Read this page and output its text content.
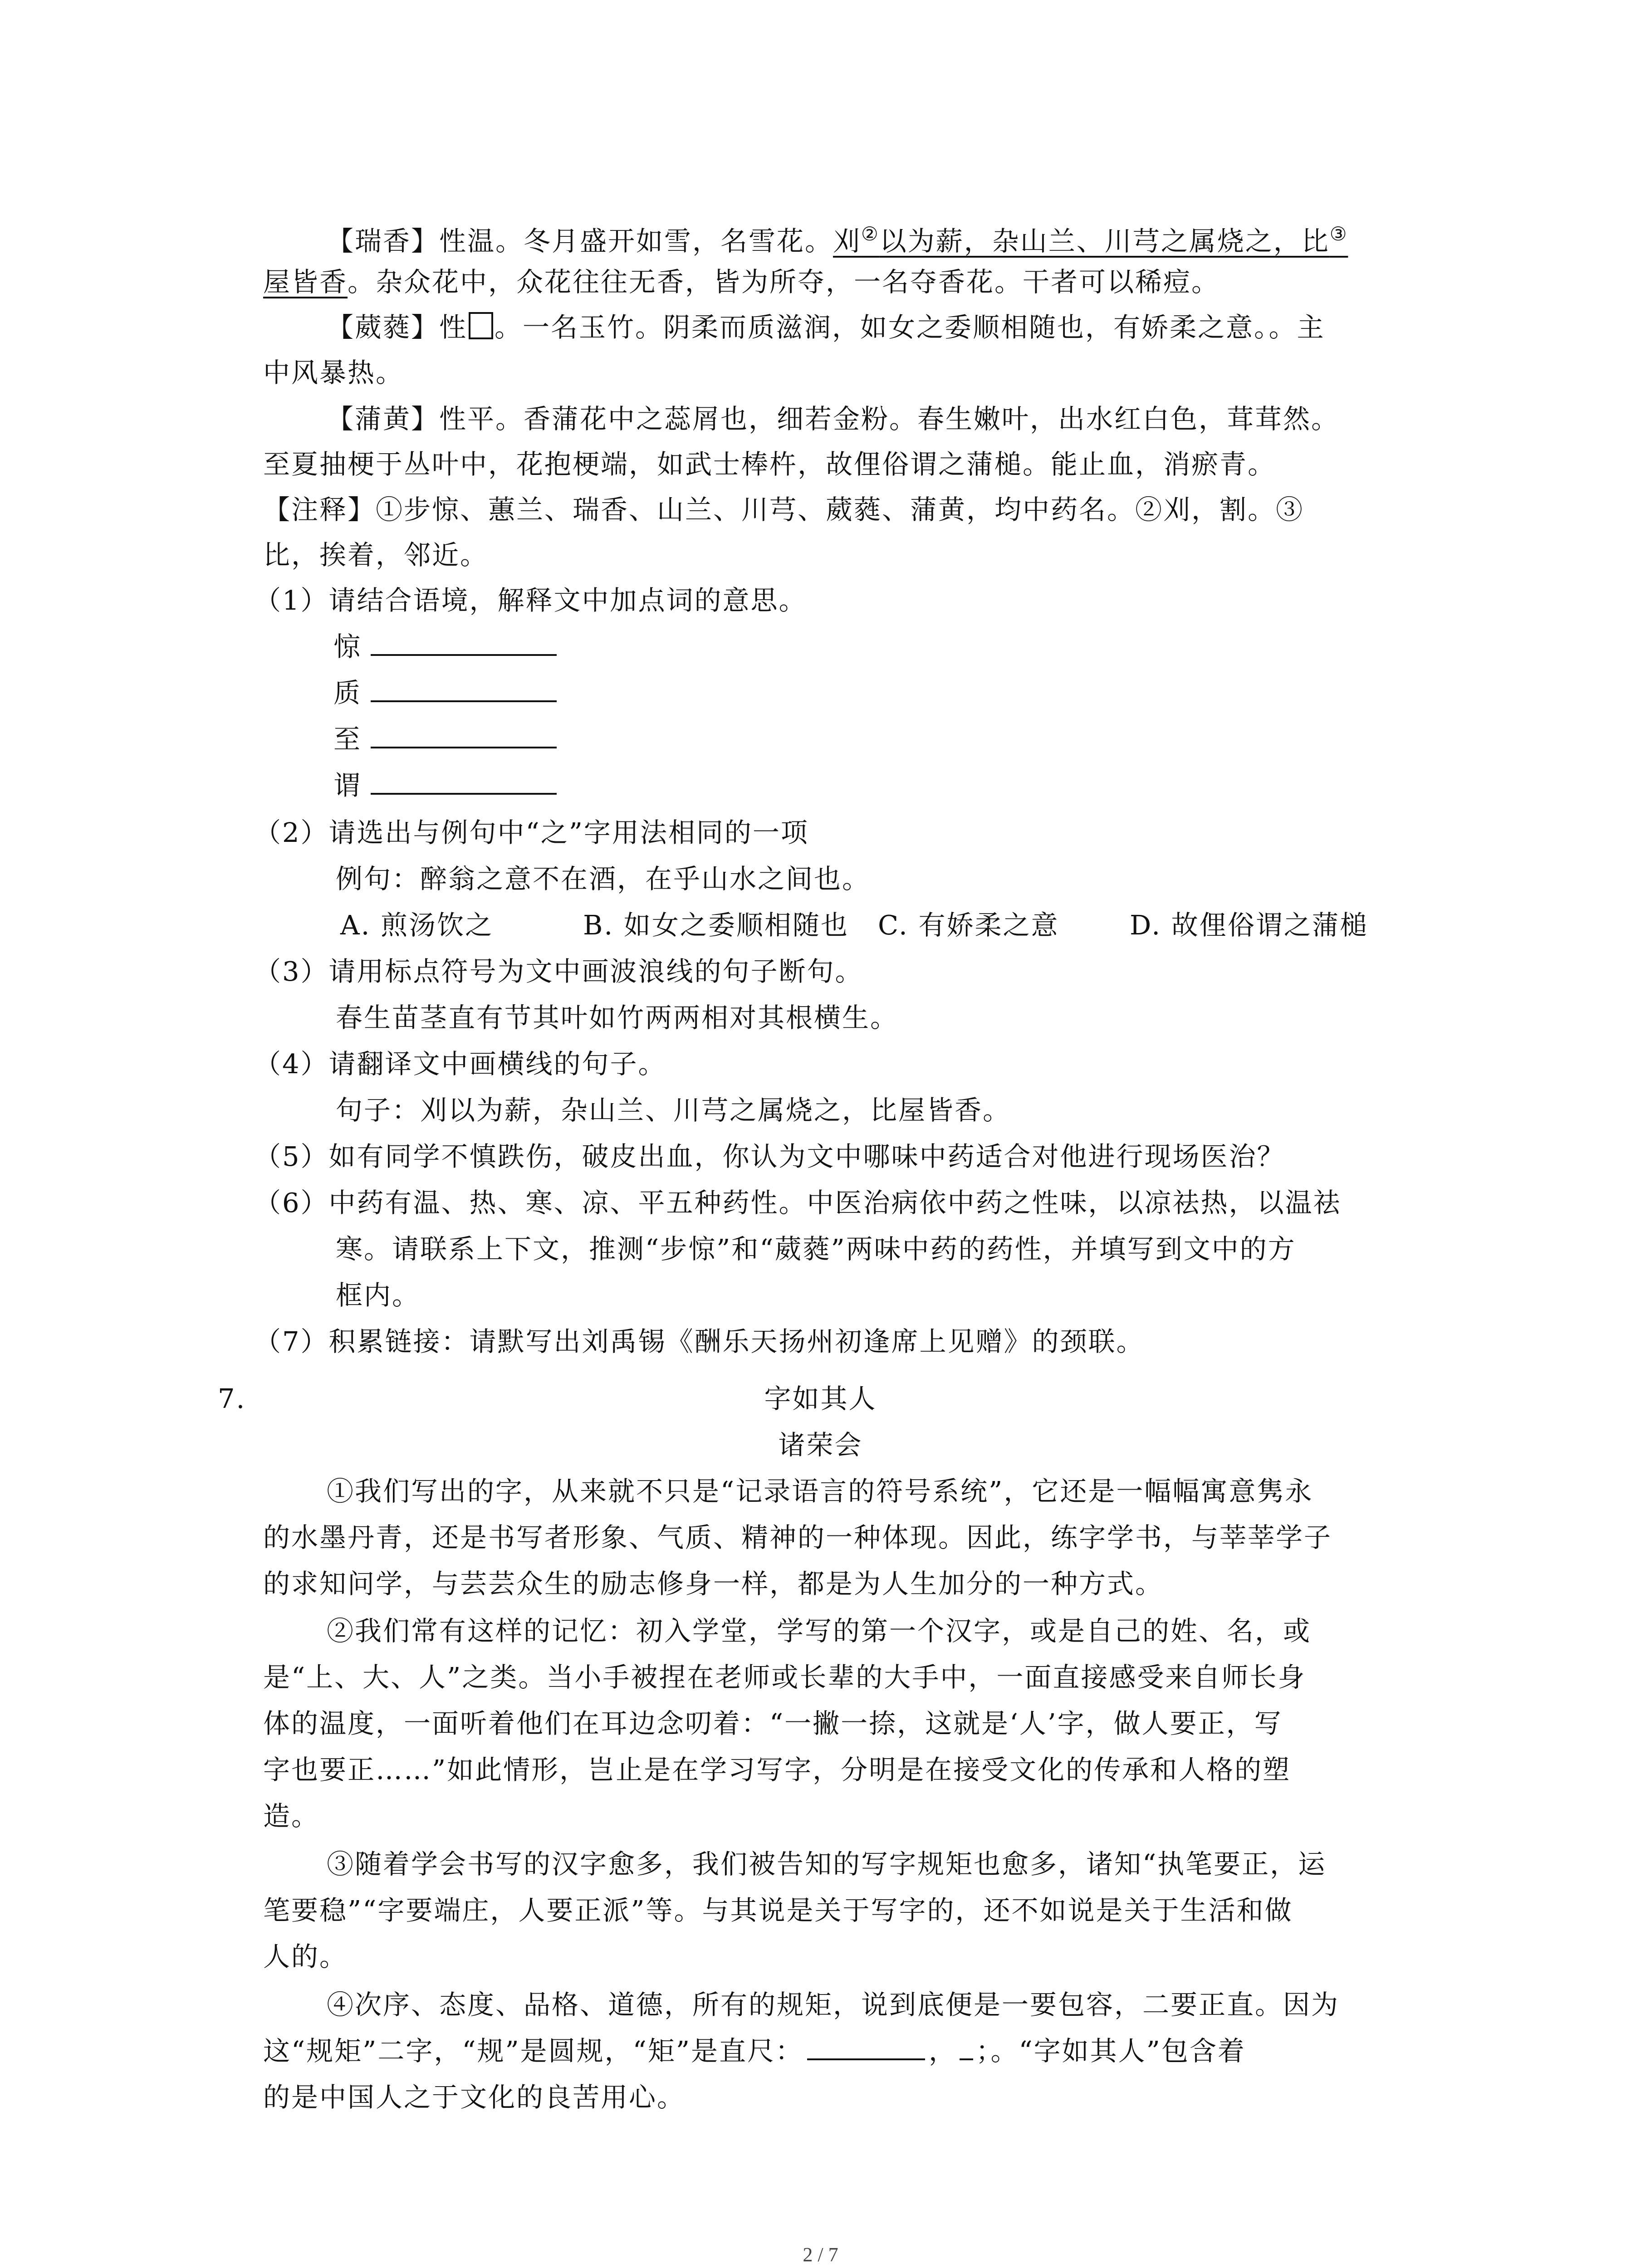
【瑞香】性温。冬月盛开如雪，名雪花。刈②以为薪，杂山兰、川芎之属烧之，比③
屋皆香。杂众花中，众花往往无香，皆为所夺，一名夺香花。干者可以稀痘。
【葳蕤】性 。一名玉竹。阴柔而质滋润，如女之委顺相随也，有娇柔之意。。主
中风暴热。
【蒲黄】性平。香蒲花中之蕊屑也，细若金粉。春生嫩叶，出水红白色，茸茸然。
至夏抽梗于丛叶中，花抱梗端，如武士棒杵，故俚俗谓之蒲槌。能止血，消瘀青。
【注释】①步惊、蕙兰、瑞香、山兰、川芎、葳蕤、蒲黄，均中药名。②刈，割。③
比，挨着，邻近。
（1）请结合语境，解释文中加点词的意思。
惊
质
至
谓
（2）请选出与例句中“之”字用法相同的一项
例句：醉翁之意不在酒，在乎山水之间也。
A. 煎汤饮之	B. 如女之委顺相随也 C. 有娇柔之意	D. 故俚俗谓之蒲槌
（3）请用标点符号为文中画波浪线的句子断句。
春生苗茎直有节其叶如竹两两相对其根横生。
（4）请翻译文中画横线的句子。
句子：刈以为薪，杂山兰、川芎之属烧之，比屋皆香。
（5）如有同学不慎跌伤，破皮出血，你认为文中哪味中药适合对他进行现场医治？
（6）中药有温、热、寒、凉、平五种药性。中医治病依中药之性味，以凉祛热，以温祛
寒。请联系上下文，推测“步惊”和“葳蕤”两味中药的药性，并填写到文中的方
框内。
（7）积累链接：请默写出刘禹锡《酬乐天扬州初逢席上见赠》的颈联。
7.	字如其人
诸荣会
①我们写出的字，从来就不只是“记录语言的符号系统”，它还是一幅幅寓意隽永
的水墨丹青，还是书写者形象、气质、精神的一种体现。因此，练字学书，与莘莘学子
的求知问学，与芸芸众生的励志修身一样，都是为人生加分的一种方式。
②我们常有这样的记忆：初入学堂，学写的第一个汉字，或是自己的姓、名，或
是“上、大、人”之类。当小手被捏在老师或长辈的大手中，一面直接感受来自师长身
体的温度，一面听着他们在耳边念叨着：“一撇一捺，这就是‘人’字，做人要正，写
字也要正……”如此情形，岂止是在学习写字，分明是在接受文化的传承和人格的塑
造。
③随着学会书写的汉字愈多，我们被告知的写字规矩也愈多，诸知“执笔要正，运
笔要稳”“字要端庄，人要正派”等。与其说是关于写字的，还不如说是关于生活和做
人的。
④次序、态度、品格、道德，所有的规矩，说到底便是一要包容，二要正直。因为
这“规矩”二字，“规”是圆规，“矩”是直尺：	， ；。“字如其人”包含着
的是中国人之于文化的良苦用心。
2 / 7
